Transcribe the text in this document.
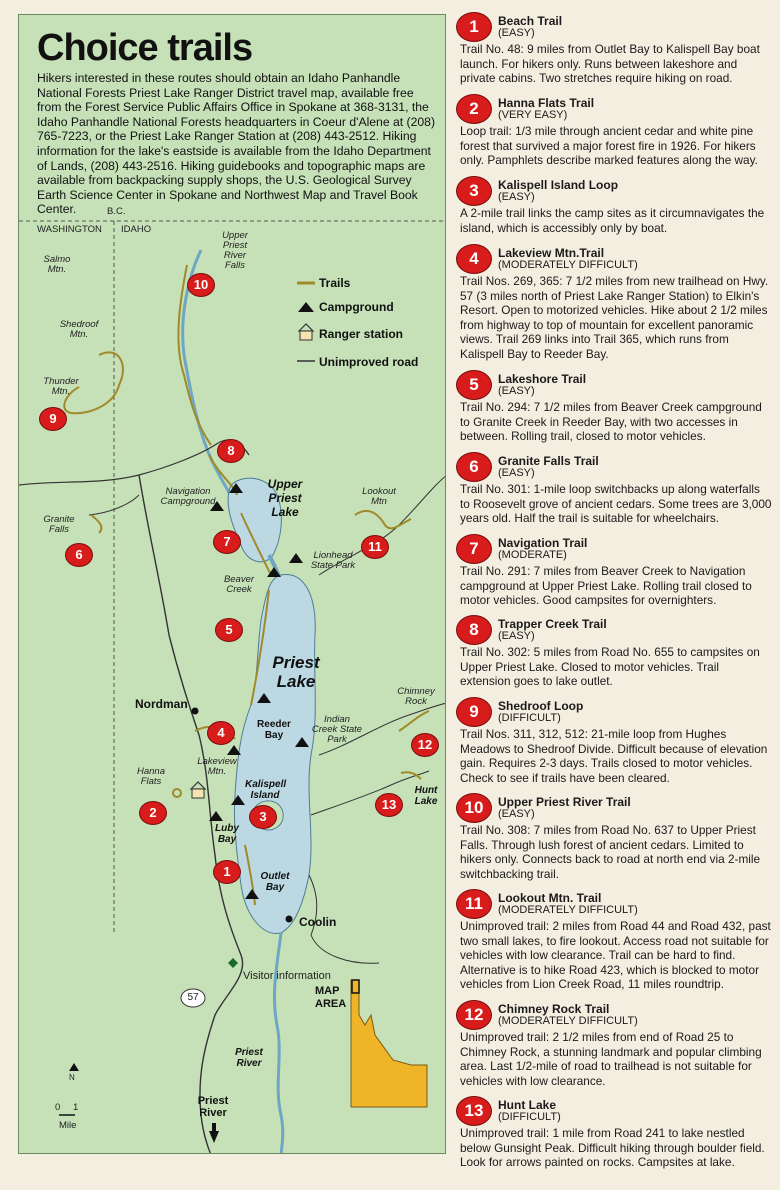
Choice trails
Hikers interested in these routes should obtain an Idaho Panhandle National Forests Priest Lake Ranger District travel map, available free from the Forest Service Public Affairs Office in Spokane at 368-3131, the Idaho Panhandle National Forests headquarters in Coeur d'Alene at (208) 765-7223, or the Priest Lake Ranger Station at (208) 443-2512. Hiking information for the lake's eastside is available from the Idaho Department of Lands, (208) 443-2516. Hiking guidebooks and topographic maps are available from backpacking supply shops, the U.S. Geological Survey Earth Science Center in Spokane and Northwest Map and Travel Book Center.	B.C.
WASHINGTON IDAHO
Salmo Mtn.
Shedroof Mtn.
Thunder Mtn.
Upper Priest River Falls
Granite Falls
Navigation Campground
Upper Priest Lake
Lookout Mtn
Lionhead State Park
Beaver Creek
Priest Lake
Nordman
Reeder Bay
Indian Creek State Park
Chimney Rock
Hanna Flats
Lakeview Mtn.
Kalispell Island	Hunt Lake
Luby Bay
Outlet Bay
Coolin
Visitor information
57
MAP AREA
Priest River
Priest River
N
0 1
Mile
Trails
Campground
Ranger station
Unimproved road
1
2	3
4
5
6
7
8
9
10
11
12
13
1	Beach Trail
(EASY)
Trail No. 48: 9 miles from Outlet Bay to Kalispell Bay boat launch. For hikers only. Runs between lakeshore and private cabins. Two stretches require hiking on road.
2	Hanna Flats Trail
(VERY EASY)
Loop trail: 1/3 mile through ancient cedar and white pine forest that survived a major forest fire in 1926. For hikers only. Pamphlets describe marked features along the way.
3	Kalispell Island Loop
(EASY)
A 2-mile trail links the camp sites as it circumnavigates the island, which is accessibly only by boat.
4	Lakeview Mtn.Trail
(MODERATELY DIFFICULT)
Trail Nos. 269, 365: 7 1/2 miles from new trailhead on Hwy. 57 (3 miles north of Priest Lake Ranger Station) to Elkin's Resort. Open to motorized vehicles. Hike about 2 1/2 miles from highway to top of mountain for excellent panoramic views. Trail 269 links into Trail 365, which runs from Kalispell Bay to Reeder Bay.
5	Lakeshore Trail
(EASY)
Trail No. 294: 7 1/2 miles from Beaver Creek campground to Granite Creek in Reeder Bay, with two accesses in between. Rolling trail, closed to motor vehicles.
6	Granite Falls Trail
(EASY)
Trail No. 301: 1-mile loop switchbacks up along waterfalls to Roosevelt grove of ancient cedars. Some trees are 3,000 years old. Half the trail is suitable for wheelchairs.
7	Navigation Trail
(MODERATE)
Trail No. 291: 7 miles from Beaver Creek to Navigation campground at Upper Priest Lake. Rolling trail closed to motor vehicles. Good campsites for overnighters.
8	Trapper Creek Trail
(EASY)
Trail No. 302: 5 miles from Road No. 655 to campsites on Upper Priest Lake. Closed to motor vehicles. Trail extension goes to lake outlet.
9	Shedroof Loop
(DIFFICULT)
Trail Nos. 311, 312, 512: 21-mile loop from Hughes Meadows to Shedroof Divide. Difficult because of elevation gain. Requires 2-3 days. Trails closed to motor vehicles. Check to see if trails have been cleared.
10	Upper Priest River Trail
(EASY)
Trail No. 308: 7 miles from Road No. 637 to Upper Priest Falls. Through lush forest of ancient cedars. Limited to hikers only. Connects back to road at north end via 2-mile switchbacking trail.
11	Lookout Mtn. Trail
(MODERATELY DIFFICULT)
Unimproved trail: 2 miles from Road 44 and Road 432, past two small lakes, to fire lookout. Access road not suitable for vehicles with low clearance. Trail can be hard to find. Alternative is to hike Road 423, which is blocked to motor vehicles from Lion Creek Road, 11 miles roundtrip.
12	Chimney Rock Trail
(MODERATELY DIFFICULT)
Unimproved trail: 2 1/2 miles from end of Road 25 to Chimney Rock, a stunning landmark and popular climbing area. Last 1/2-mile of road to trailhead is not suitable for vehicles with low clearance.
13	Hunt Lake
(DIFFICULT)
Unimproved trail: 1 mile from Road 241 to lake nestled below Gunsight Peak. Difficult hiking through boulder field. Look for arrows painted on rocks. Campsites at lake.
